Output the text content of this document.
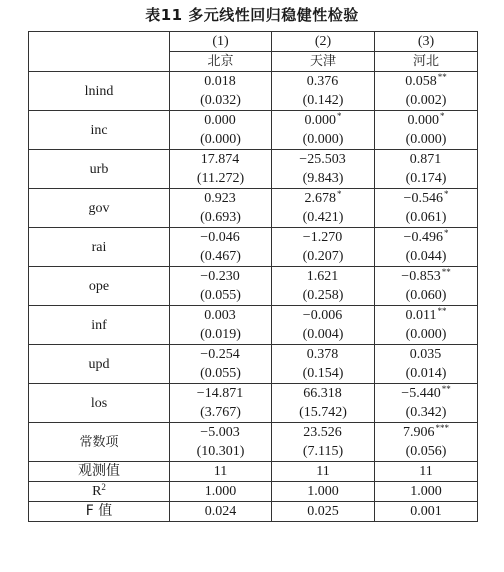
表11 多元线性回归稳健性检验
	(1)	(2)	(3)
	北京	天津	河北
lnind	0.018	0.376	0.058**
	(0.032)	(0.142)	(0.002)
inc	0.000	0.000*	0.000*
	(0.000)	(0.000)	(0.000)
urb	17.874	−25.503	0.871
	(11.272)	(9.843)	(0.174)
gov	0.923	2.678*	−0.546*
	(0.693)	(0.421)	(0.061)
rai	−0.046	−1.270	−0.496*
	(0.467)	(0.207)	(0.044)
ope	−0.230	1.621	−0.853**
	(0.055)	(0.258)	(0.060)
inf	0.003	−0.006	0.011**
	(0.019)	(0.004)	(0.000)
upd	−0.254	0.378	0.035
	(0.055)	(0.154)	(0.014)
los	−14.871	66.318	−5.440**
	(3.767)	(15.742)	(0.342)
常数项	−5.003	23.526	7.906***
	(10.301)	(7.115)	(0.056)
观测值	11	11	11
$R^2$	1.000	1.000	1.000
F 值	0.024	0.025	0.001
